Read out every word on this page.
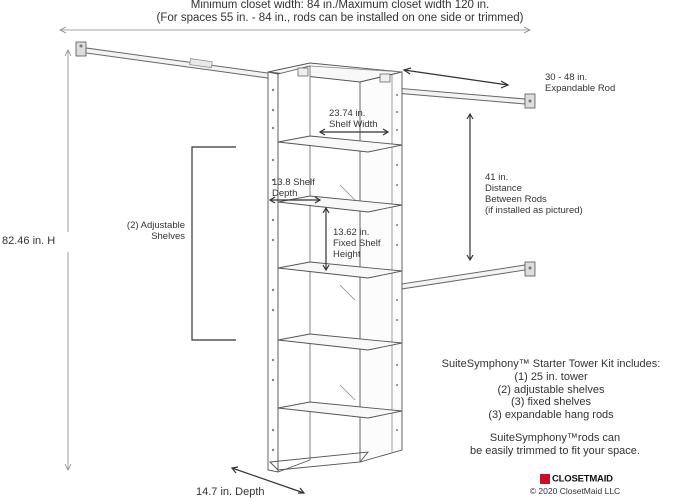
Minimum closet width: 84 in./Maximum closet width 120 in.
(For spaces 55 in. - 84 in., rods can be installed on one side or trimmed)
30 - 48 in.
Expandable Rod
23.74 in.
Shelf Width
13.8 Shelf
Depth
13.62 in.
Fixed Shelf
Height
41 in.
Distance
Between Rods
(if installed as pictured)
(2) Adjustable
Shelves
82.46 in. H
14.7 in. Depth
SuiteSymphony™ Starter Tower Kit includes:
(1) 25 in. tower
(2) adjustable shelves
(3) fixed shelves
(3) expandable hang rods
SuiteSymphony™rods can
be easily trimmed to fit your space.
CLOSETMAID
© 2020 ClosetMaid LLC
